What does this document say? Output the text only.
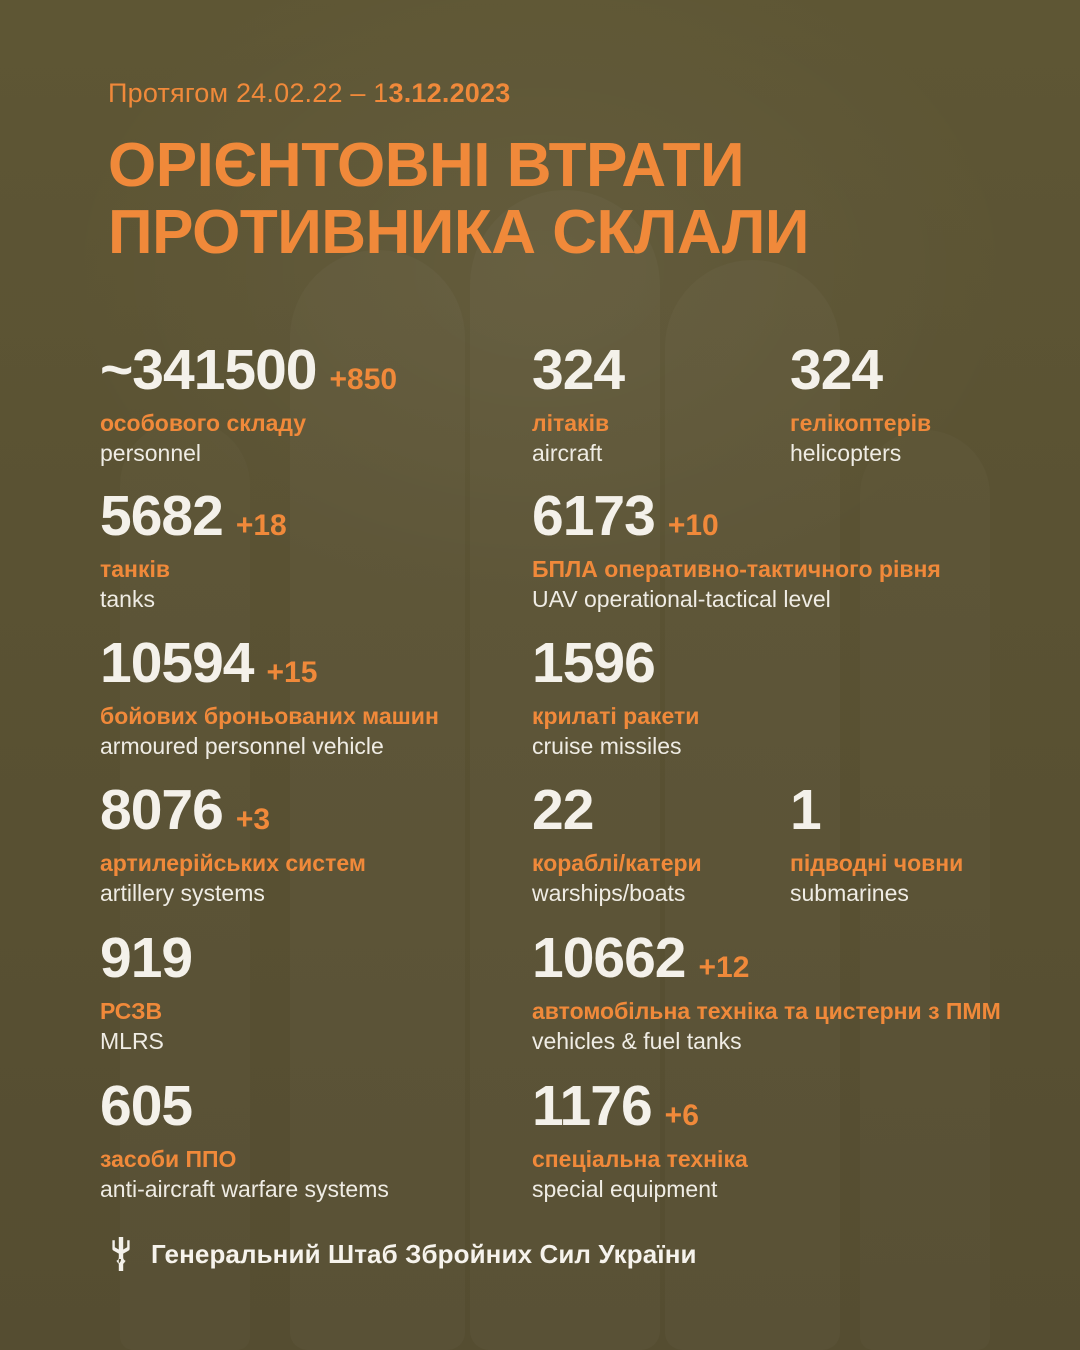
Протягом 24.02.22 – 13.12.2023
ОРІЄНТОВНІ ВТРАТИ
ПРОТИВНИКА СКЛАЛИ
~341500 +850
особового складу
personnel
324
літаків
aircraft
324
гелікоптерів
helicopters
5682 +18
танків
tanks
6173 +10
БПЛА оперативно-тактичного рівня
UAV operational-tactical level
10594 +15
бойових броньованих машин
armoured personnel vehicle
1596
крилаті ракети
cruise missiles
8076 +3
артилерійських систем
artillery systems
22
кораблі/катери
warships/boats
1
підводні човни
submarines
919
РСЗВ
MLRS
10662 +12
автомобільна техніка та цистерни з ПММ
vehicles & fuel tanks
605
засоби ППО
anti-aircraft warfare systems
1176 +6
спеціальна техніка
special equipment
Генеральний Штаб Збройних Сил України
